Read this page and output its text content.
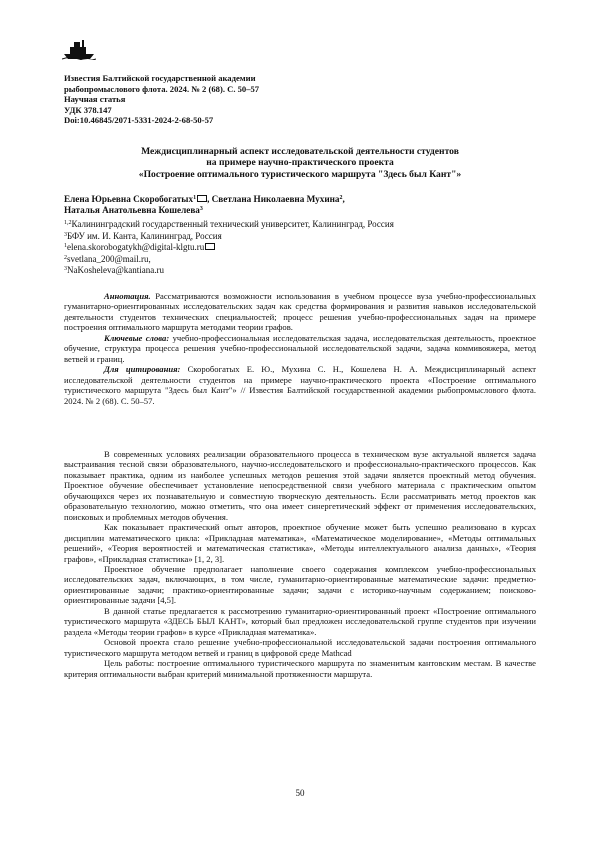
Известия Балтийской государственной академии
рыбопромыслового флота. 2024. № 2 (68). С. 50–57
Научная статья
УДК 378.147
Doi:10.46845/2071-5331-2024-2-68-50-57
Междисциплинарный аспект исследовательской деятельности студентов
на примере научно-практического проекта
«Построение оптимального туристического маршрута "Здесь был Кант"»
Елена Юрьевна Скоробогатых$^1$ , Светлана Николаевна Мухина$^2$,
Наталья Анатольевна Кошелева$^3$
$^{1,2}$Калининградский государственный технический университет, Калининград, Россия
$^3$БФУ им. И. Канта, Калининград, Россия
$^1$elena.skorobogatykh@digital-klgtu.ru
$^2$svetlana_200@mail.ru,
$^3$NaKosheleva@kantiana.ru

Аннотация. Рассматриваются возможности использования в учебном процессе вуза учебно-профессиональных гуманитарно-ориентированных исследовательских задач как средства формирования и развития навыков исследовательской деятельности студентов технических специальностей; процесс решения учебно-профессиональных задач на примере построения оптимального маршрута методами теории графов.

Ключевые слова: учебно-профессиональная исследовательская задача, исследовательская деятельность, проектное обучение, структура процесса решения учебно-профессиональной исследовательской задачи, задача коммивояжера, метод ветвей и границ.

Для цитирования: Скоробогатых Е. Ю., Мухина С. Н., Кошелева Н. А. Междисциплинарный аспект исследовательской деятельности студентов на примере научно-практического проекта «Построение оптимального туристического маршрута "Здесь был Кант"» // Известия Балтийской государственной академии рыбопромыслового флота. 2024. № 2 (68). С. 50–57.

В современных условиях реализации образовательного процесса в техническом вузе актуальной является задача выстраивания тесной связи образовательного, научно-исследовательского и профессионально-практического процессов. Как показывает практика, одним из наиболее успешных методов решения этой задачи является проектный метод обучения. Проектное обучение обеспечивает установление непосредственной связи учебного материала с практическим опытом обучающихся через их познавательную и совместную творческую деятельность. Если рассматривать метод проектов как образовательную технологию, можно отметить, что она имеет синергетический эффект от применения исследовательских, поисковых и проблемных методов обучения.

Как показывает практический опыт авторов, проектное обучение может быть успешно реализовано в курсах дисциплин математического цикла: «Прикладная математика», «Математическое моделирование», «Методы оптимальных решений», «Теория вероятностей и математическая статистика», «Методы интеллектуального анализа данных», «Теория графов», «Прикладная статистика» [1, 2, 3].

Проектное обучение предполагает наполнение своего содержания комплексом учебно-профессиональных исследовательских задач, включающих, в том числе, гуманитарно-ориентированные математические задачи: предметно-ориентированные задачи; практико-ориентированные задачи; задачи с историко-научным содержанием; поисково-ориентированные задачи [4,5].

В данной статье предлагается к рассмотрению гуманитарно-ориентированный проект «Построение оптимального туристического маршрута «ЗДЕСЬ БЫЛ КАНТ», который был предложен исследовательской группе студентов при изучении раздела «Методы теории графов» в курсе «Прикладная математика».

Основой проекта стало решение учебно-профессиональной исследовательской задачи построения оптимального туристического маршрута методом ветвей и границ в цифровой среде Mathcad

Цель работы: построение оптимального туристического маршрута по знаменитым кантовским местам. В качестве критерия оптимальности выбран критерий минимальной протяженности маршрута.

50
